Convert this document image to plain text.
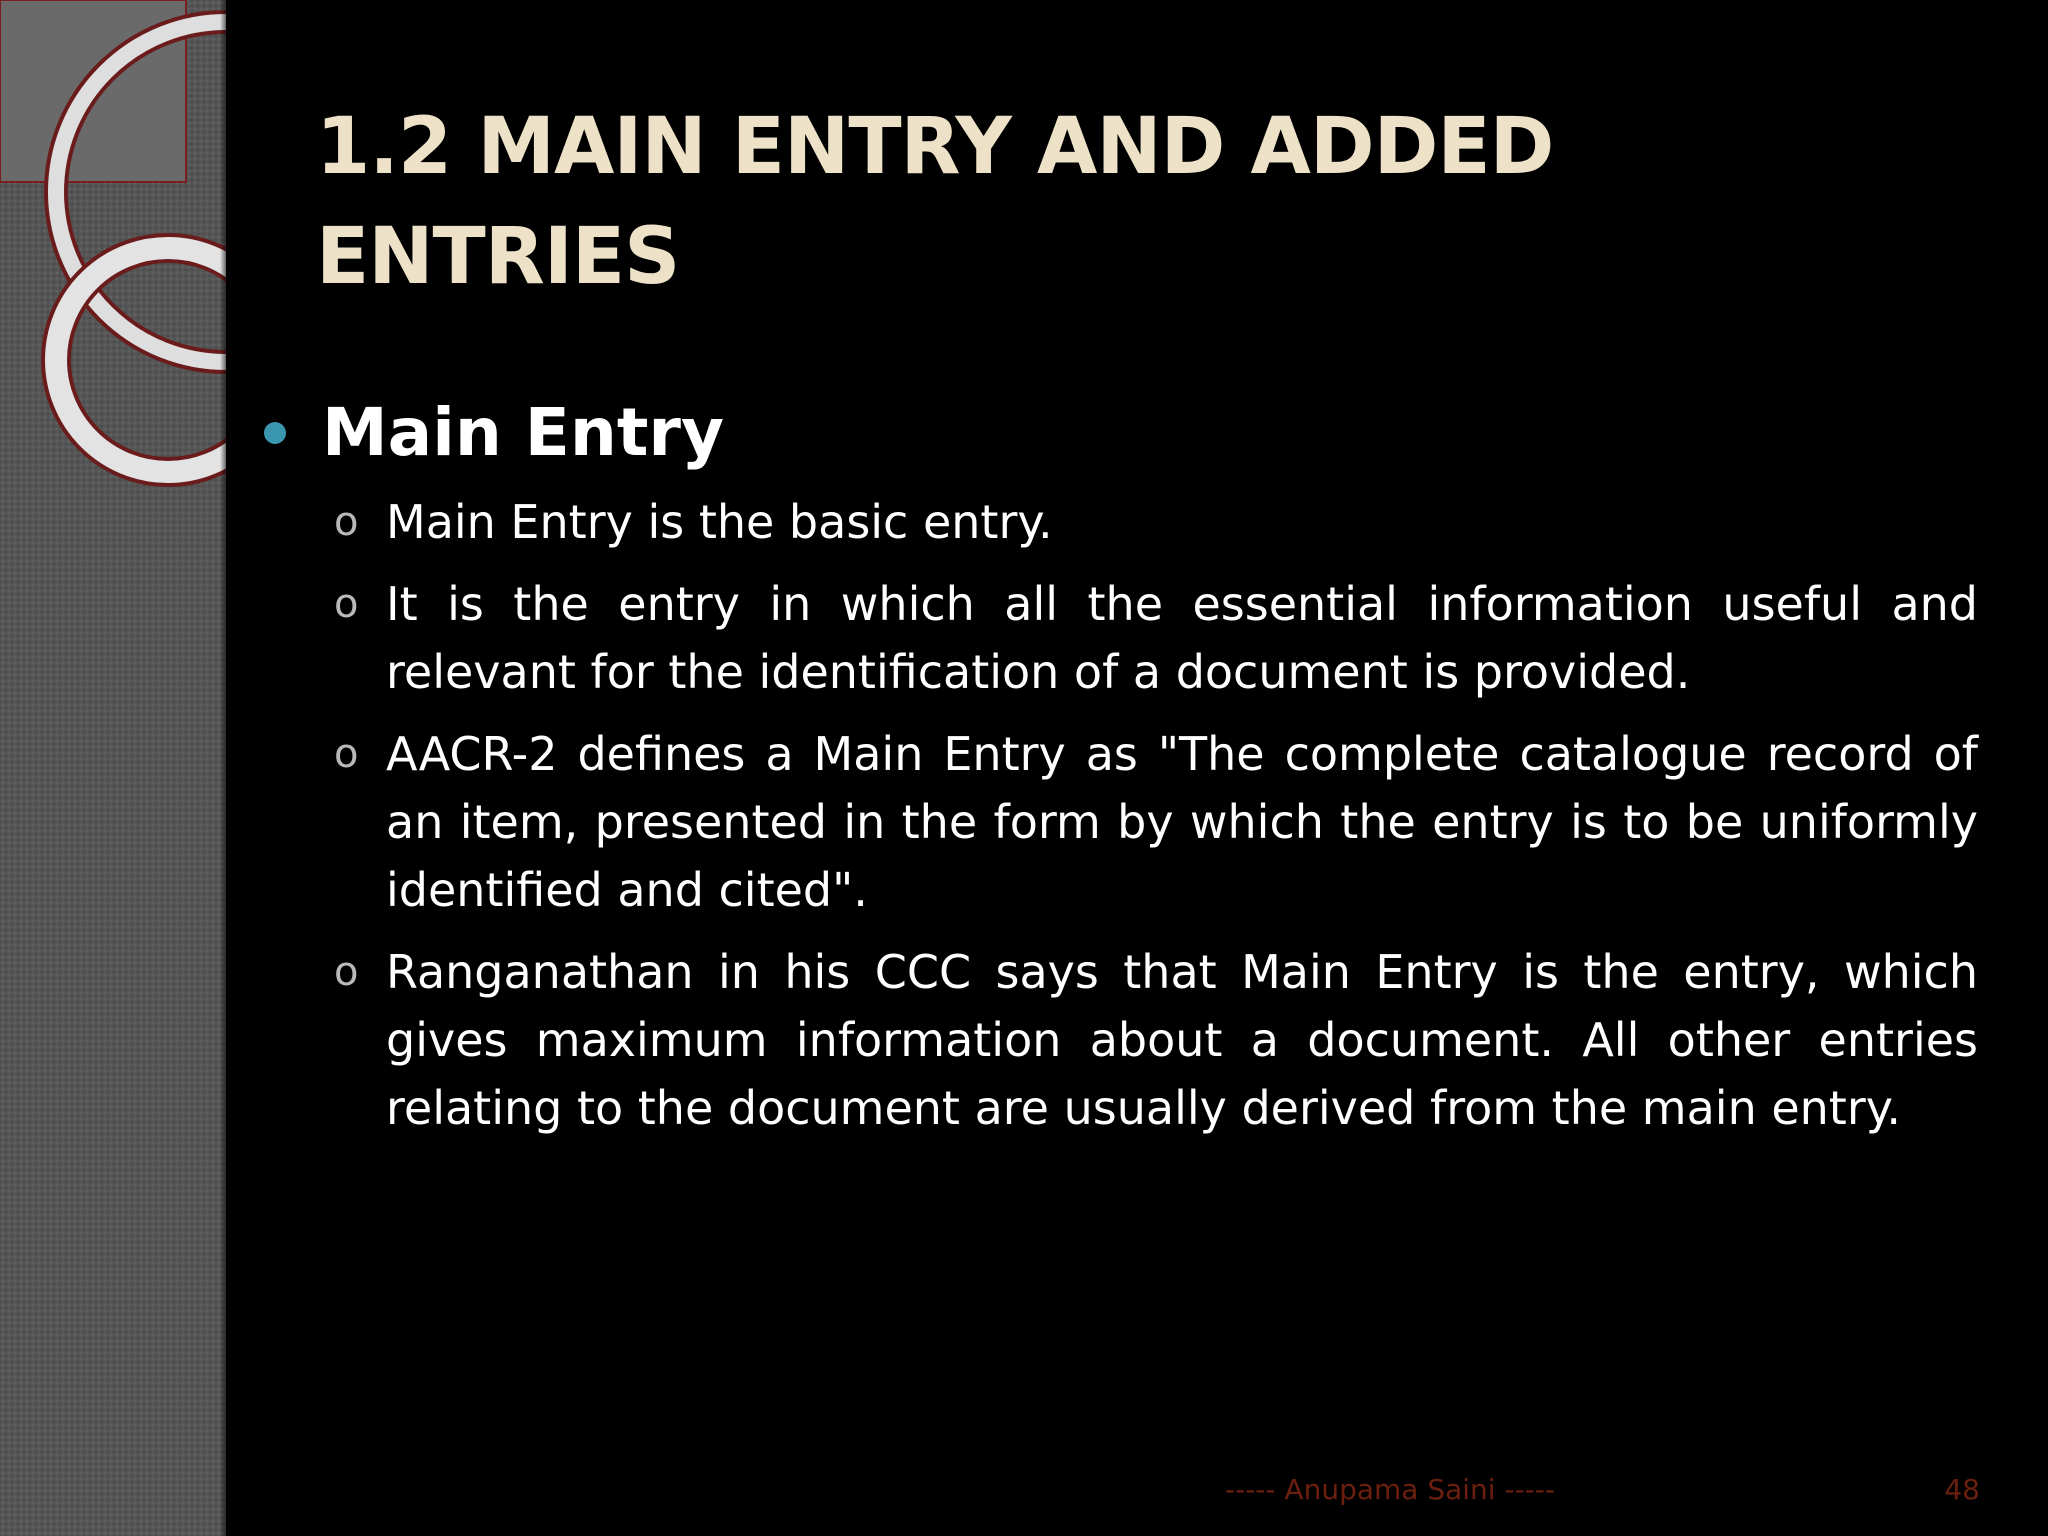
1.2 MAIN ENTRY AND ADDED ENTRIES
Main Entry
o Main Entry is the basic entry.
o It is the entry in which all the essential information useful and relevant for the identification of a document is provided.
o AACR-2 defines a Main Entry as "The complete catalogue record of an item, presented in the form by which the entry is to be uniformly identified and cited".
o Ranganathan in his CCC says that Main Entry is the entry, which gives maximum information about a document. All other entries relating to the document are usually derived from the main entry.
----- Anupama Saini -----	48
